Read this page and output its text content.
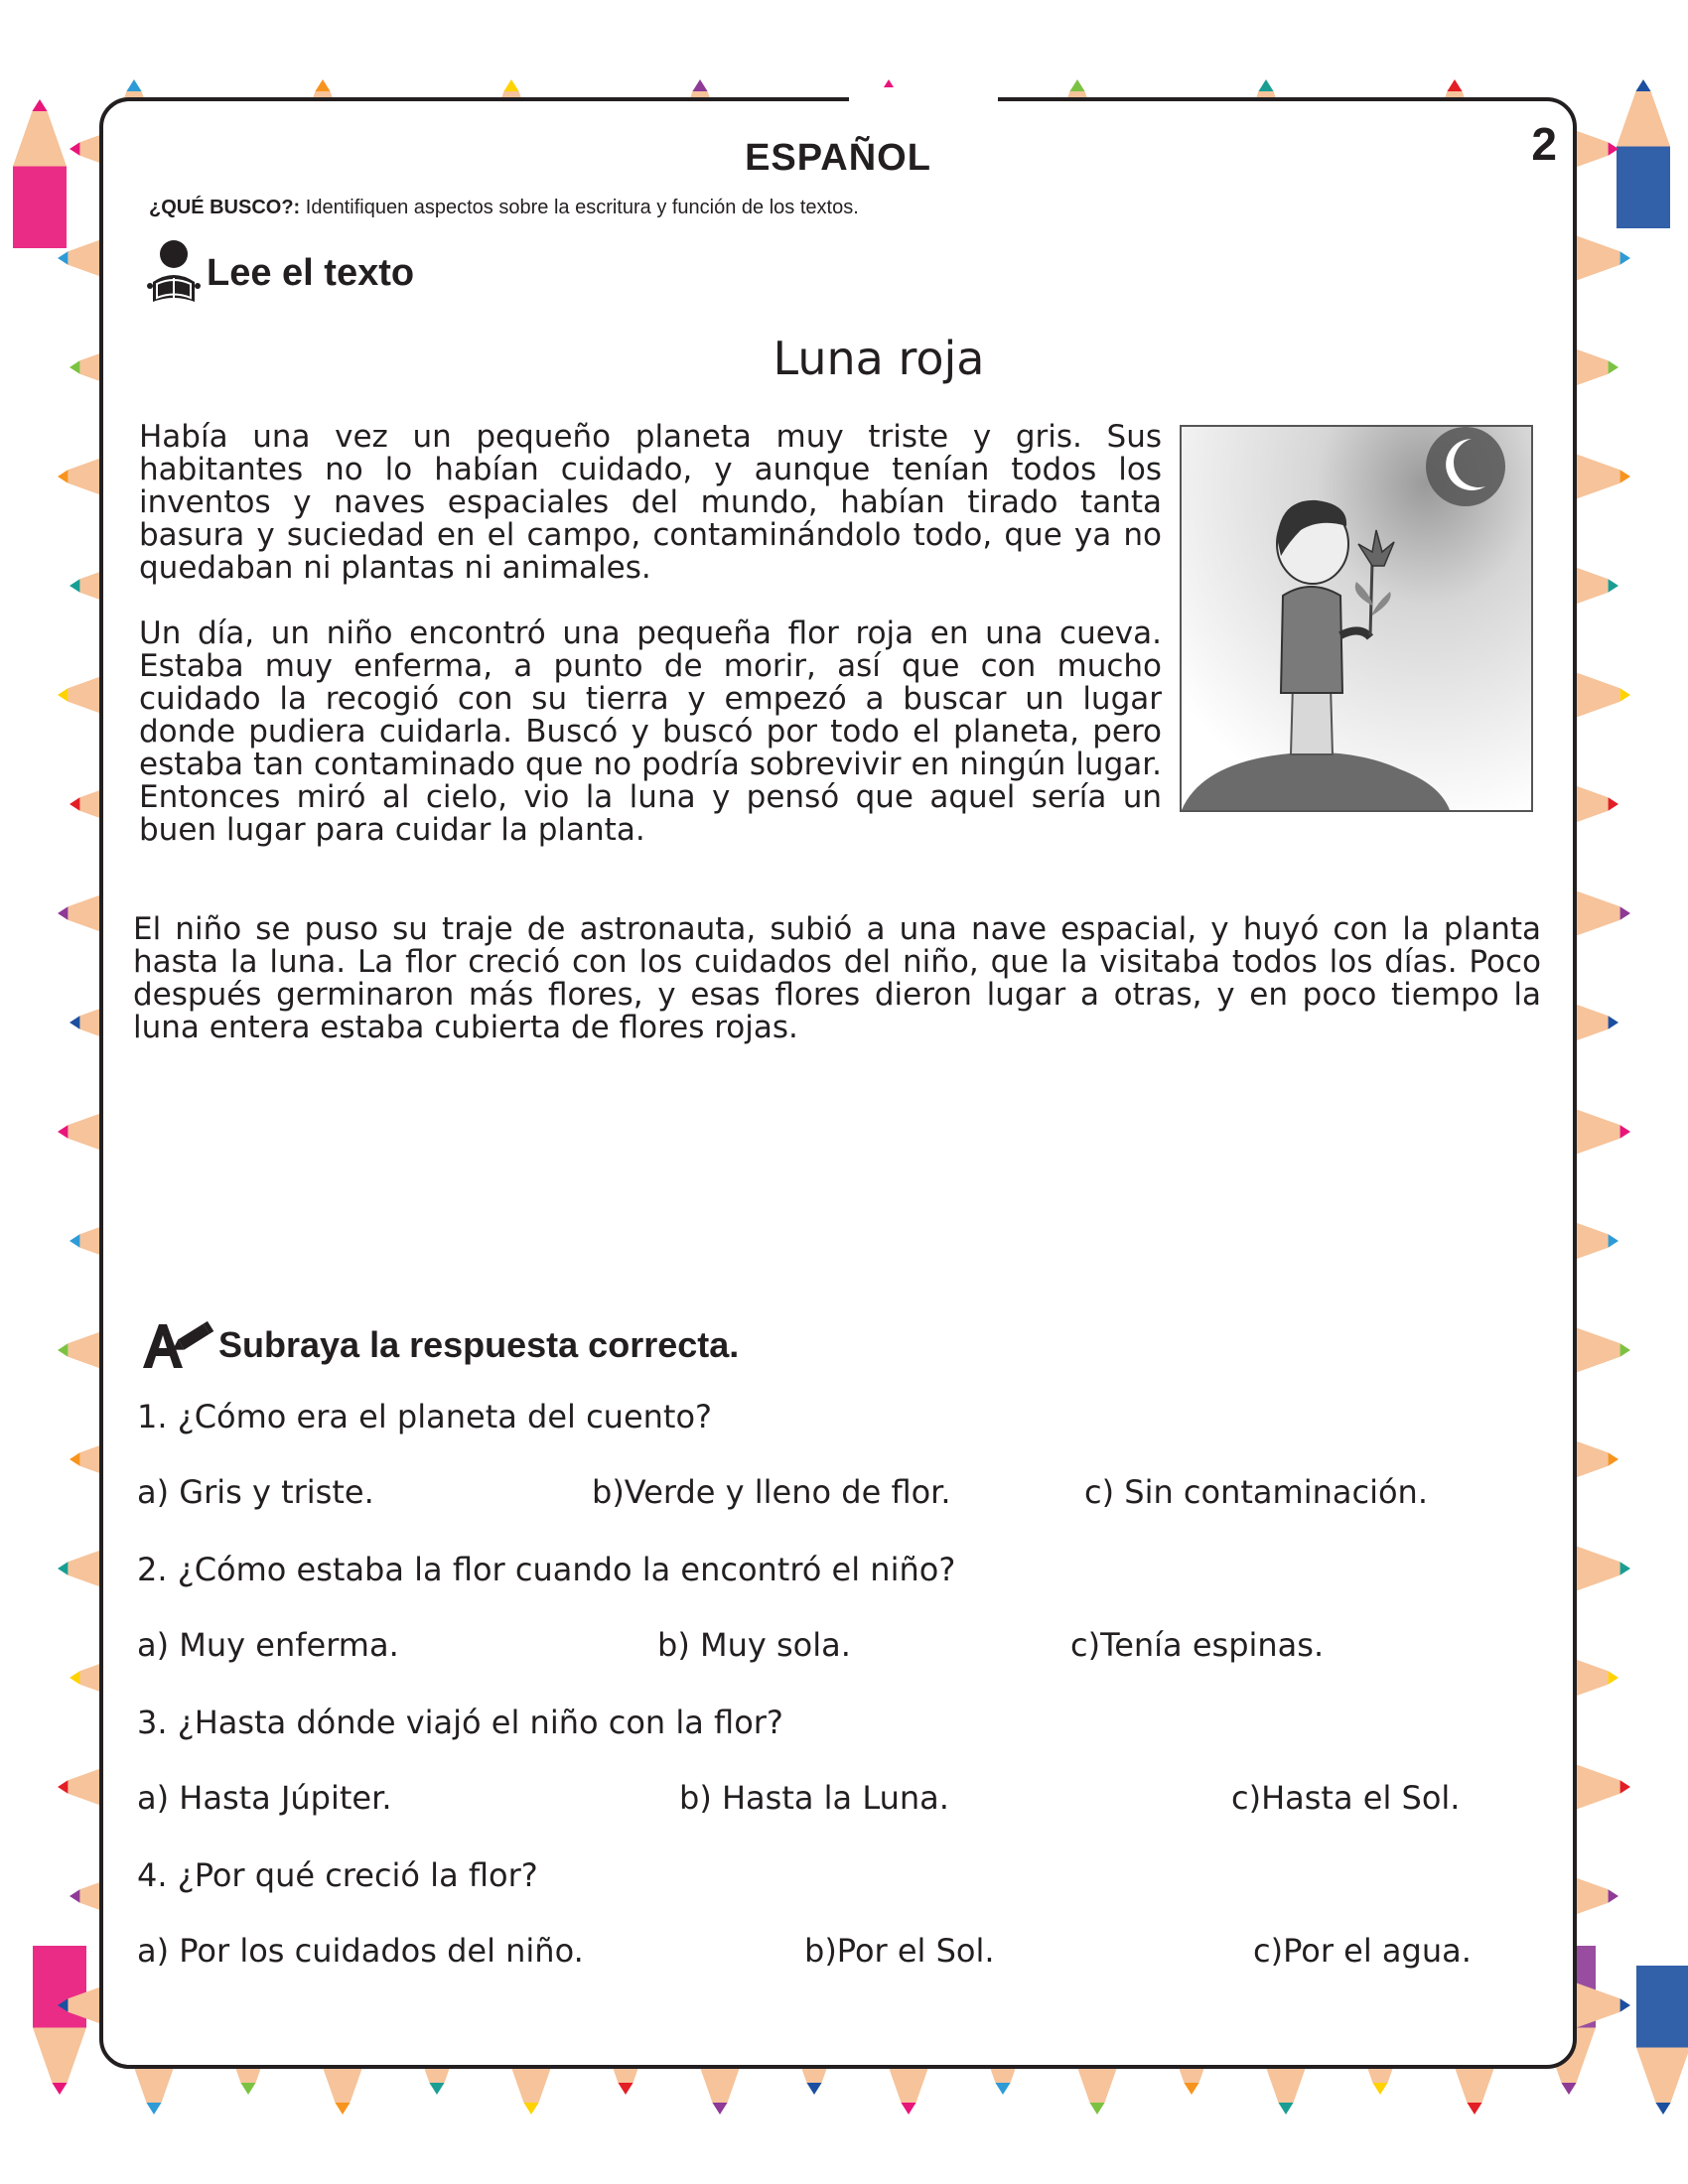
ESPAÑOL	2
¿QUÉ BUSCO?: Identifiquen aspectos sobre la escritura y función de los textos.
Lee el texto
Luna roja

Había una vez un pequeño planeta muy triste y gris. Sus habitantes no lo habían cuidado, y aunque tenían todos los inventos y naves espaciales del mundo, habían tirado tanta basura y suciedad en el campo, contaminándolo todo, que ya no quedaban ni plantas ni animales.

Un día, un niño encontró una pequeña flor roja en una cueva. Estaba muy enferma, a punto de morir, así que con mucho cuidado la recogió con su tierra y empezó a buscar un lugar donde pudiera cuidarla. Buscó y buscó por todo el planeta, pero estaba tan contaminado que no podría sobrevivir en ningún lugar. Entonces miró al cielo, vio la luna y pensó que aquel sería un buen lugar para cuidar la planta.

El niño se puso su traje de astronauta, subió a una nave espacial, y huyó con la planta hasta la luna. La flor creció con los cuidados del niño, que la visitaba todos los días. Poco después germinaron más flores, y esas flores dieron lugar a otras, y en poco tiempo la luna entera estaba cubierta de flores rojas.

Subraya la respuesta correcta.
1. ¿Cómo era el planeta del cuento?
a) Gris y triste.	b)Verde y lleno de flor.	c) Sin contaminación.
2. ¿Cómo estaba la flor cuando la encontró el niño?
a) Muy enferma.	b) Muy sola.	c)Tenía espinas.
3. ¿Hasta dónde viajó el niño con la flor?
a) Hasta Júpiter.	b) Hasta la Luna.	c)Hasta el Sol.
4. ¿Por qué creció la flor?
a) Por los cuidados del niño.	b)Por el Sol.	c)Por el agua.
